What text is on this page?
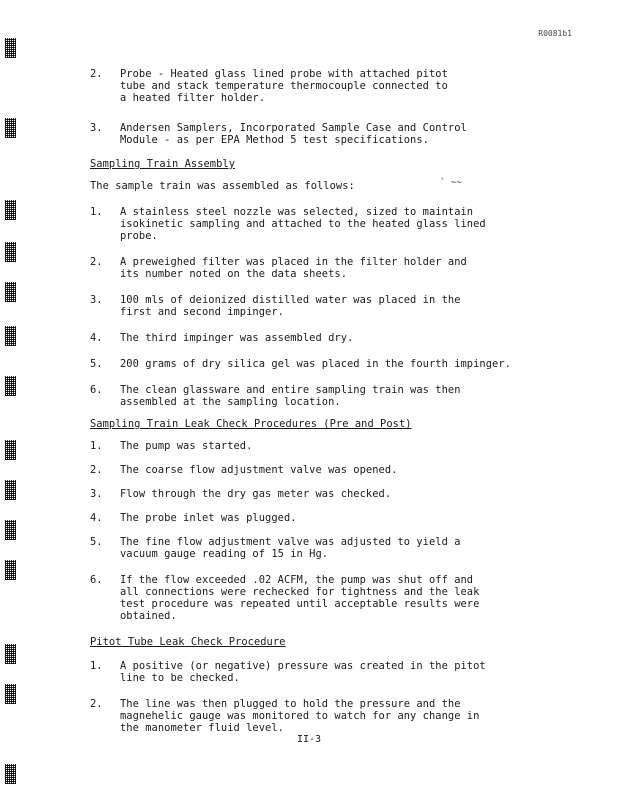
R0081b1
2.	Probe - Heated glass lined probe with attached pitot
tube and stack temperature thermocouple connected to
a heated filter holder.
3.	Andersen Samplers, Incorporated Sample Case and Control
Module - as per EPA Method 5 test specifications.

Sampling Train Assembly

The sample train was assembled as follows:	` ~~

1.	A stainless steel nozzle was selected, sized to maintain
isokinetic sampling and attached to the heated glass lined
probe.
2.	A preweighed filter was placed in the filter holder and
its number noted on the data sheets.
3.	100 mls of deionized distilled water was placed in the
first and second impinger.
4.	The third impinger was assembled dry.
5.	200 grams of dry silica gel was placed in the fourth impinger.
6.	The clean glassware and entire sampling train was then
assembled at the sampling location.

Sampling Train Leak Check Procedures (Pre and Post)

1.	The pump was started.
2.	The coarse flow adjustment valve was opened.
3.	Flow through the dry gas meter was checked.
4.	The probe inlet was plugged.
5.	The fine flow adjustment valve was adjusted to yield a
vacuum gauge reading of 15 in Hg.
6.	If the flow exceeded .02 ACFM, the pump was shut off and
all connections were rechecked for tightness and the leak
test procedure was repeated until acceptable results were
obtained.

Pitot Tube Leak Check Procedure

1.	A positive (or negative) pressure was created in the pitot
line to be checked.
2.	The line was then plugged to hold the pressure and the
magnehelic gauge was monitored to watch for any change in
the manometer fluid level.
II-3
